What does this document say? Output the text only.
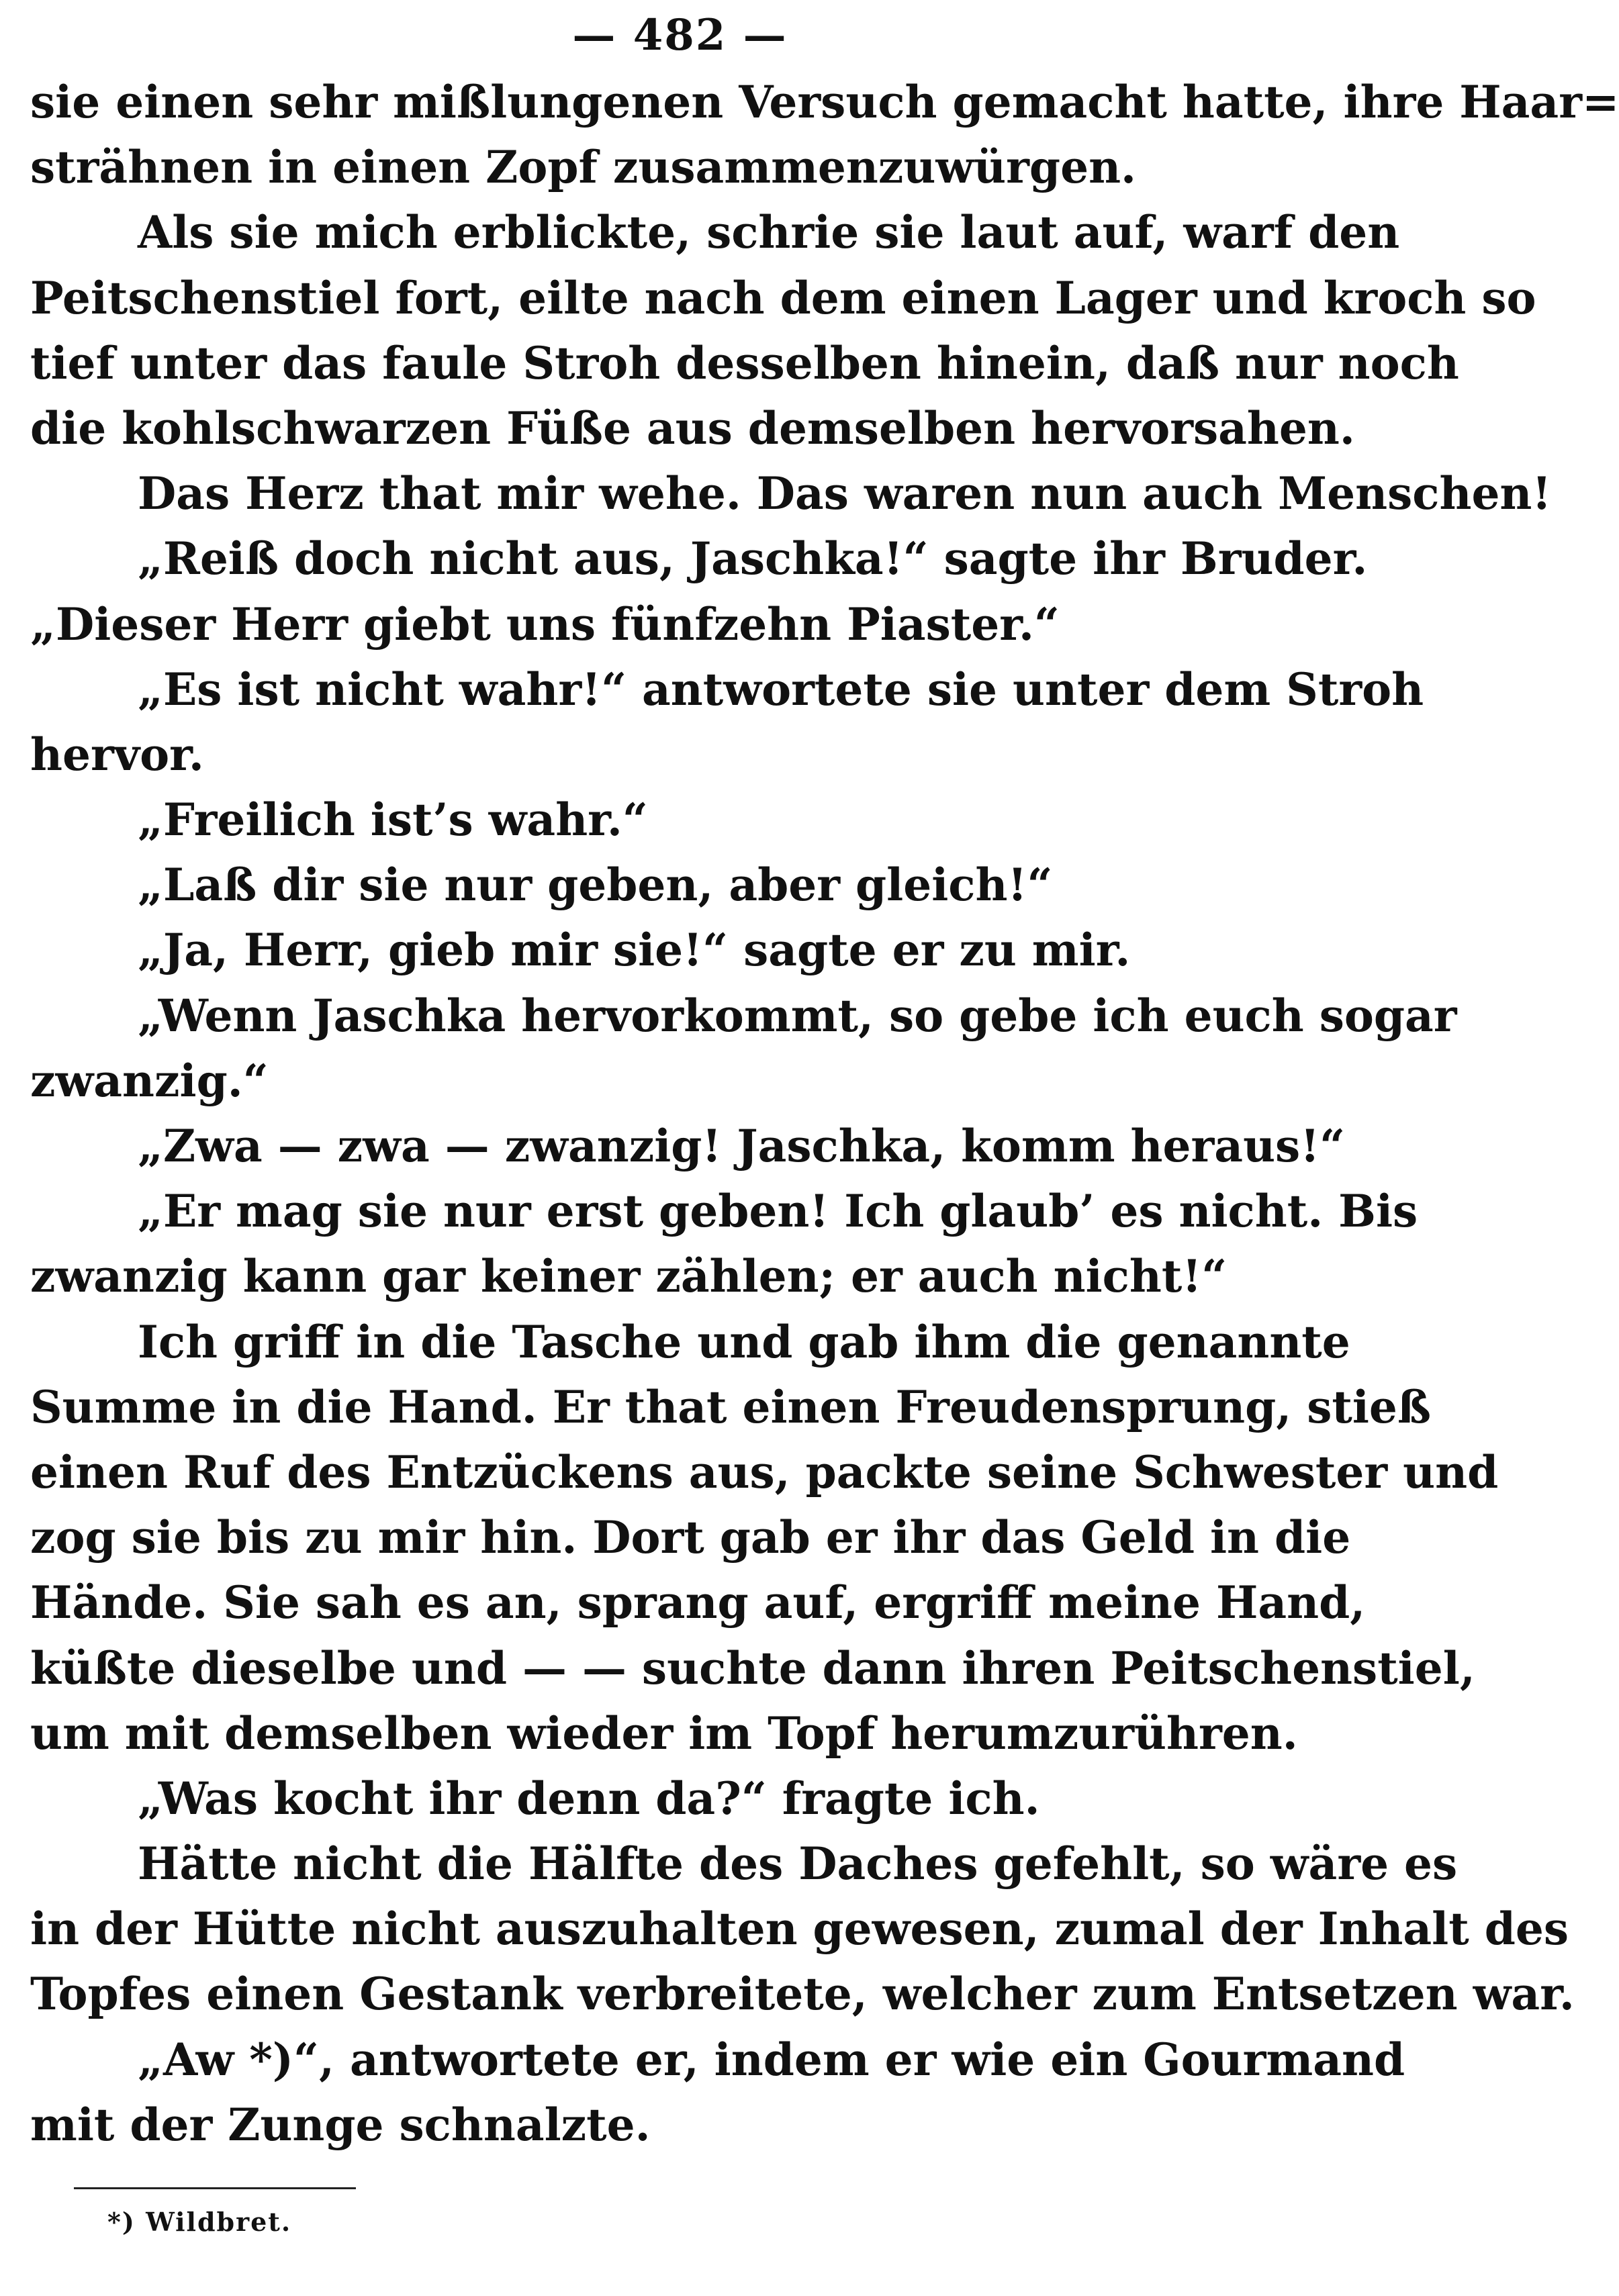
— 482 —
sie einen sehr mißlungenen Versuch gemacht hatte, ihre Haar=
strähnen in einen Zopf zusammenzuwürgen.
Als sie mich erblickte, schrie sie laut auf, warf den
Peitschenstiel fort, eilte nach dem einen Lager und kroch so
tief unter das faule Stroh desselben hinein, daß nur noch
die kohlschwarzen Füße aus demselben hervorsahen.
Das Herz that mir wehe. Das waren nun auch Menschen!
„Reiß doch nicht aus, Jaschka!“ sagte ihr Bruder.
„Dieser Herr giebt uns fünfzehn Piaster.“
„Es ist nicht wahr!“ antwortete sie unter dem Stroh
hervor.
„Freilich ist’s wahr.“
„Laß dir sie nur geben, aber gleich!“
„Ja, Herr, gieb mir sie!“ sagte er zu mir.
„Wenn Jaschka hervorkommt, so gebe ich euch sogar
zwanzig.“
„Zwa — zwa — zwanzig! Jaschka, komm heraus!“
„Er mag sie nur erst geben! Ich glaub’ es nicht. Bis
zwanzig kann gar keiner zählen; er auch nicht!“
Ich griff in die Tasche und gab ihm die genannte
Summe in die Hand. Er that einen Freudensprung, stieß
einen Ruf des Entzückens aus, packte seine Schwester und
zog sie bis zu mir hin. Dort gab er ihr das Geld in die
Hände. Sie sah es an, sprang auf, ergriff meine Hand,
küßte dieselbe und — — suchte dann ihren Peitschenstiel,
um mit demselben wieder im Topf herumzurühren.
„Was kocht ihr denn da?“ fragte ich.
Hätte nicht die Hälfte des Daches gefehlt, so wäre es
in der Hütte nicht auszuhalten gewesen, zumal der Inhalt des
Topfes einen Gestank verbreitete, welcher zum Entsetzen war.
„Aw *)“, antwortete er, indem er wie ein Gourmand
mit der Zunge schnalzte.
*) Wildbret.
